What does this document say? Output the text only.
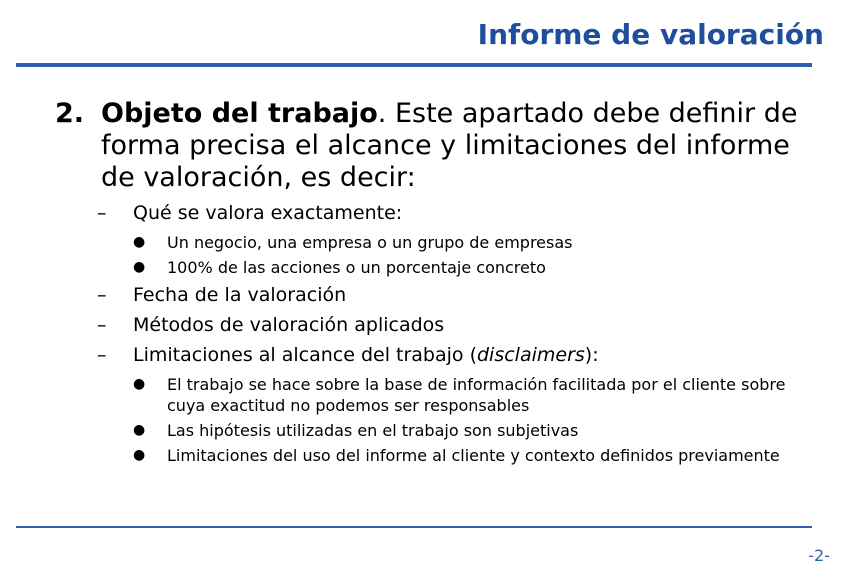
Informe de valoración
2. Objeto del trabajo. Este apartado debe definir de forma precisa el alcance y limitaciones del informe de valoración, es decir:
–	Qué se valora exactamente:
●	Un negocio, una empresa o un grupo de empresas
●	100% de las acciones o un porcentaje concreto
–	Fecha de la valoración
–	Métodos de valoración aplicados
–	Limitaciones al alcance del trabajo (disclaimers):
●	El trabajo se hace sobre la base de información facilitada por el cliente sobre cuya exactitud no podemos ser responsables
●	Las hipótesis utilizadas en el trabajo son subjetivas
●	Limitaciones del uso del informe al cliente y contexto definidos previamente
-2-
